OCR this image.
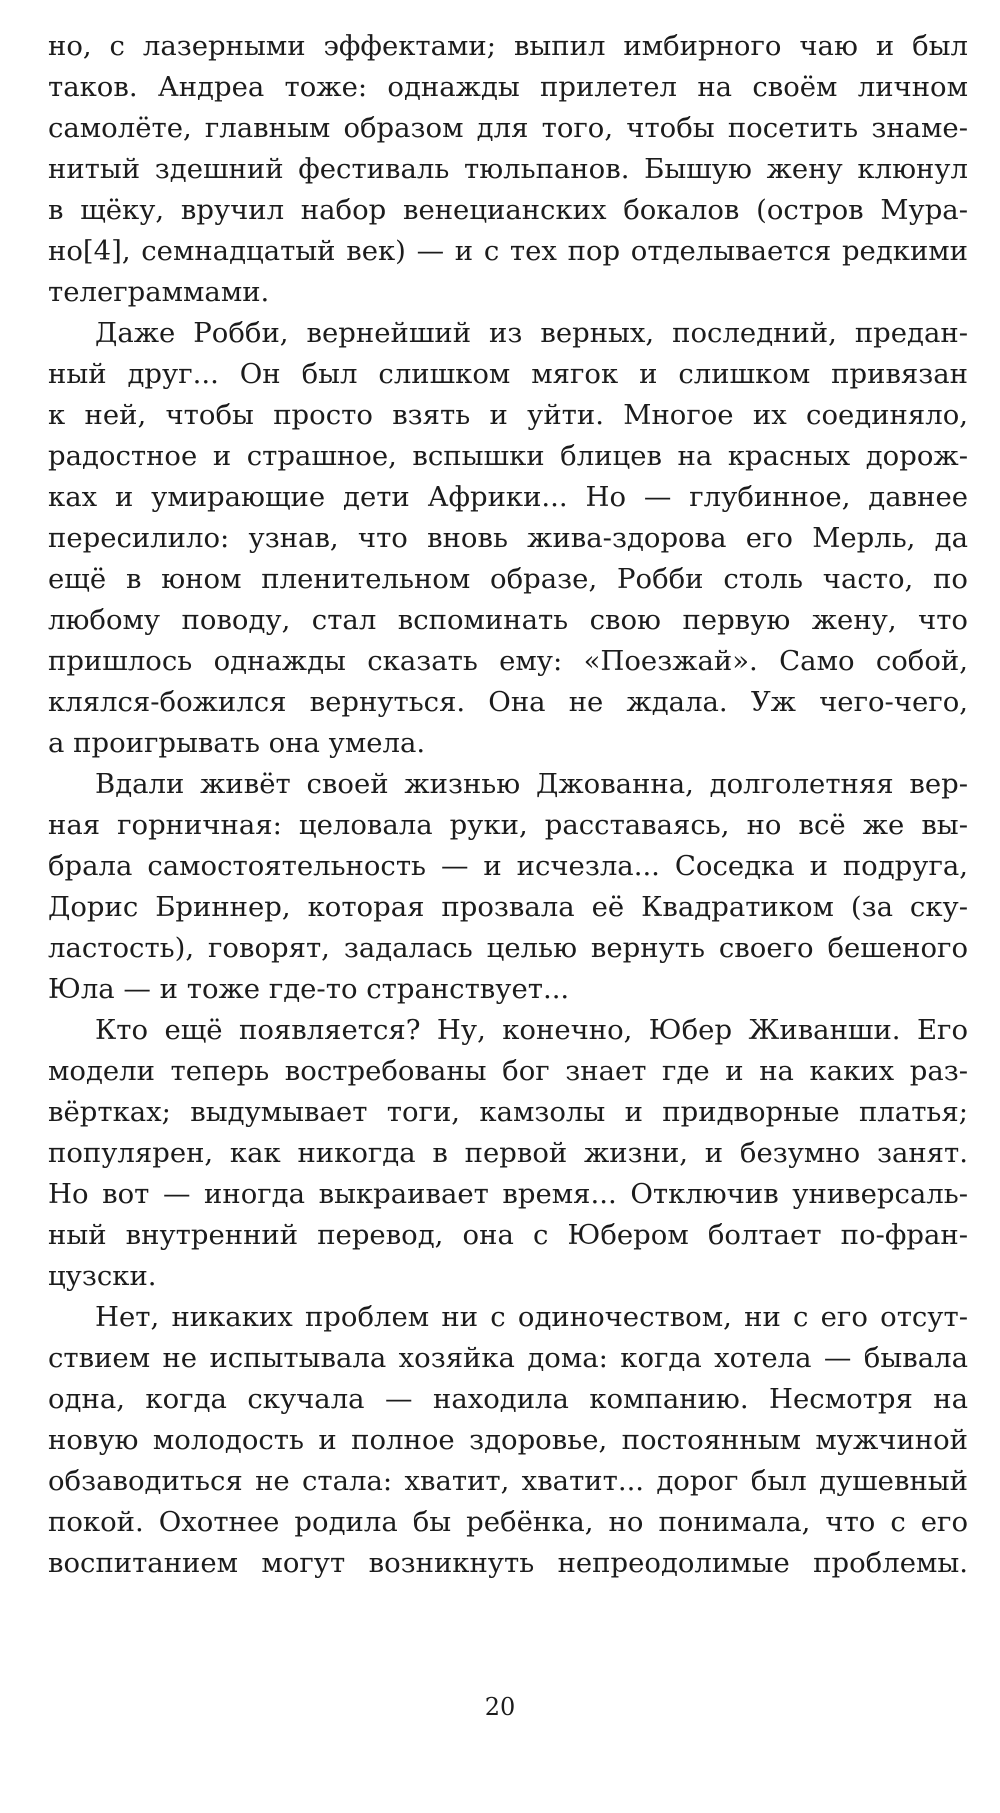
но, с лазерными эффектами; выпил имбирного чаю и был
таков. Андреа тоже: однажды прилетел на своём личном
самолёте, главным образом для того, чтобы посетить знаме-
нитый здешний фестиваль тюльпанов. Бышую жену клюнул
в щёку, вручил набор венецианских бокалов (остров Мура-
но[4], семнадцатый век) — и с тех пор отделывается редкими
телеграммами.
Даже Робби, вернейший из верных, последний, предан-
ный друг... Он был слишком мягок и слишком привязан
к ней, чтобы просто взять и уйти. Многое их соединяло,
радостное и страшное, вспышки блицев на красных дорож-
ках и умирающие дети Африки... Но — глубинное, давнее
пересилило: узнав, что вновь жива-здорова его Мерль, да
ещё в юном пленительном образе, Робби столь часто, по
любому поводу, стал вспоминать свою первую жену, что
пришлось однажды сказать ему: «Поезжай». Само собой,
клялся-божился вернуться. Она не ждала. Уж чего-чего,
а проигрывать она умела.
Вдали живёт своей жизнью Джованна, долголетняя вер-
ная горничная: целовала руки, расставаясь, но всё же вы-
брала самостоятельность — и исчезла... Соседка и подруга,
Дорис Бриннер, которая прозвала её Квадратиком (за ску-
ластость), говорят, задалась целью вернуть своего бешеного
Юла — и тоже где-то странствует...
Кто ещё появляется? Ну, конечно, Юбер Живанши. Его
модели теперь востребованы бог знает где и на каких раз-
вёртках; выдумывает тоги, камзолы и придворные платья;
популярен, как никогда в первой жизни, и безумно занят.
Но вот — иногда выкраивает время... Отключив универсаль-
ный внутренний перевод, она с Юбером болтает по-фран-
цузски.
Нет, никаких проблем ни с одиночеством, ни с его отсут-
ствием не испытывала хозяйка дома: когда хотела — бывала
одна, когда скучала — находила компанию. Несмотря на
новую молодость и полное здоровье, постоянным мужчиной
обзаводиться не стала: хватит, хватит... дорог был душевный
покой. Охотнее родила бы ребёнка, но понимала, что с его
воспитанием могут возникнуть непреодолимые проблемы.
20
